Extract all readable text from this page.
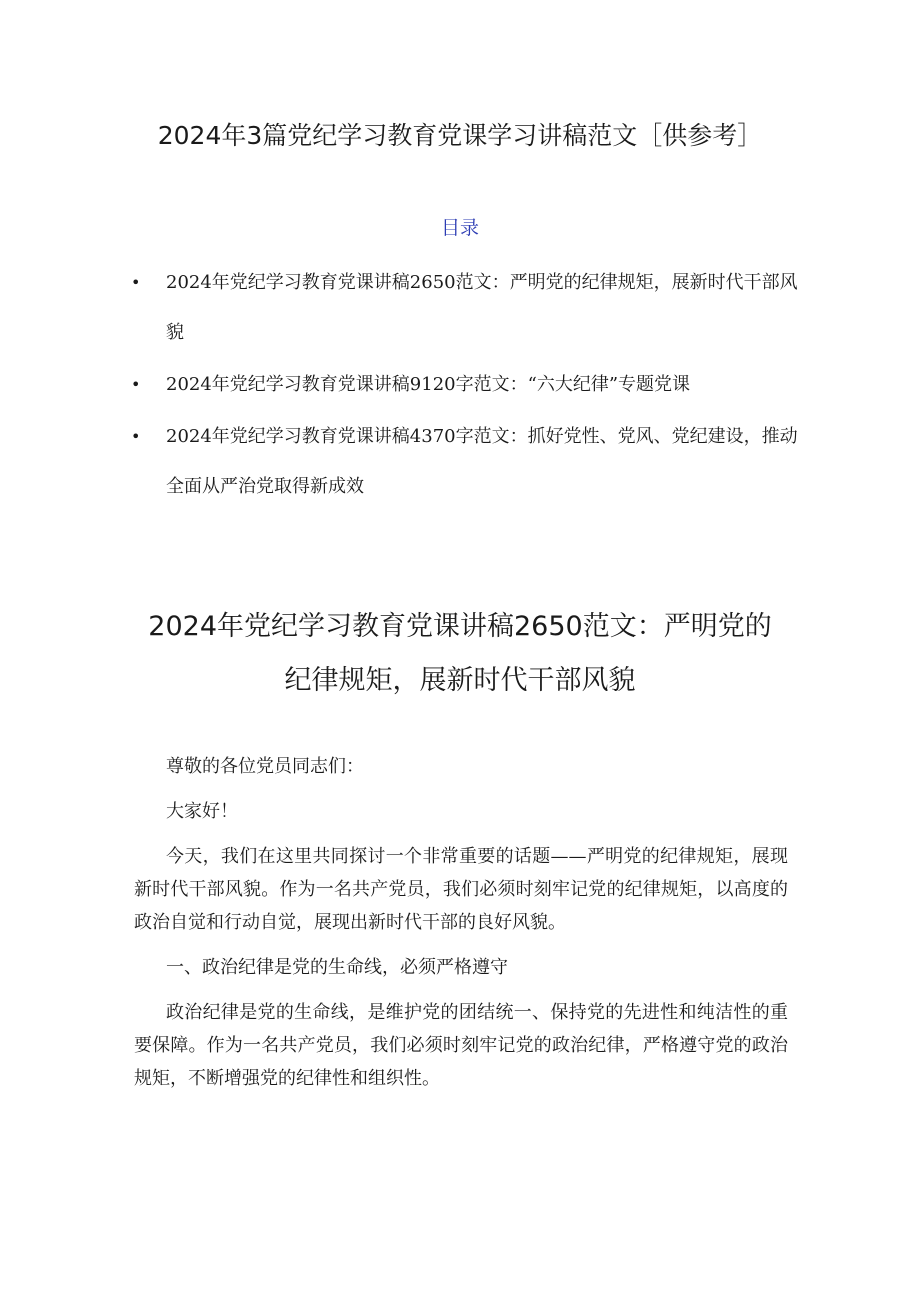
2024年3篇党纪学习教育党课学习讲稿范文［供参考］
目录
• 2024年党纪学习教育党课讲稿2650范文：严明党的纪律规矩，展新时代干部风貌
• 2024年党纪学习教育党课讲稿9120字范文：“六大纪律”专题党课
• 2024年党纪学习教育党课讲稿4370字范文：抓好党性、党风、党纪建设，推动全面从严治党取得新成效
2024年党纪学习教育党课讲稿2650范文：严明党的
纪律规矩，展新时代干部风貌

尊敬的各位党员同志们：

大家好！

今天，我们在这里共同探讨一个非常重要的话题——严明党的纪律规矩，展现新时代干部风貌。作为一名共产党员，我们必须时刻牢记党的纪律规矩，以高度的政治自觉和行动自觉，展现出新时代干部的良好风貌。

一、政治纪律是党的生命线，必须严格遵守

政治纪律是党的生命线，是维护党的团结统一、保持党的先进性和纯洁性的重要保障。作为一名共产党员，我们必须时刻牢记党的政治纪律，严格遵守党的政治规矩，不断增强党的纪律性和组织性。
